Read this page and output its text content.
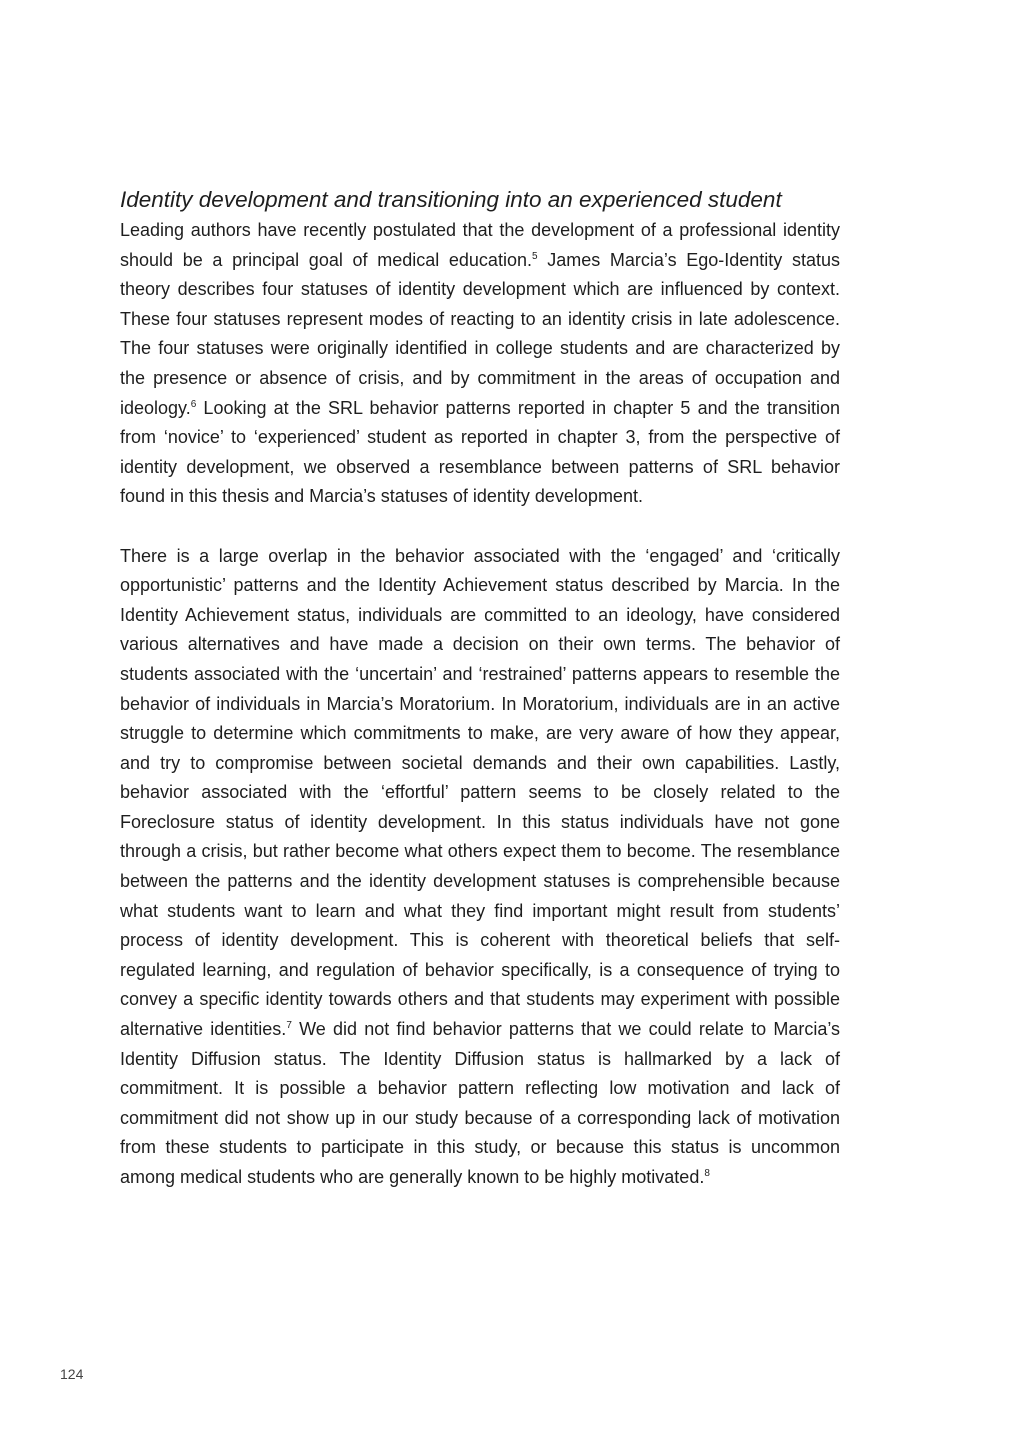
Identity development and transitioning into an experienced student

Leading authors have recently postulated that the development of a professional identity should be a principal goal of medical education.$^5$ James Marcia’s Ego-Identity status theory describes four statuses of identity development which are influenced by context. These four statuses represent modes of reacting to an identity crisis in late adolescence. The four statuses were originally identified in college students and are characterized by the presence or absence of crisis, and by commitment in the areas of occupation and ideology.$^6$ Looking at the SRL behavior patterns reported in chapter 5 and the transition from ‘novice’ to ‘experienced’ student as reported in chapter 3, from the perspective of identity development, we observed a resemblance between patterns of SRL behavior found in this thesis and Marcia’s statuses of identity development.

There is a large overlap in the behavior associated with the ‘engaged’ and ‘critically opportunistic’ patterns and the Identity Achievement status described by Marcia. In the Identity Achievement status, individuals are committed to an ideology, have considered various alternatives and have made a decision on their own terms. The behavior of students associated with the ‘uncertain’ and ‘restrained’ patterns appears to resemble the behavior of individuals in Marcia’s Moratorium. In Moratorium, individuals are in an active struggle to determine which commitments to make, are very aware of how they appear, and try to compromise between societal demands and their own capabilities. Lastly, behavior associated with the ‘effortful’ pattern seems to be closely related to the Foreclosure status of identity development. In this status individuals have not gone through a crisis, but rather become what others expect them to become. The resemblance between the patterns and the identity development statuses is comprehensible because what students want to learn and what they find important might result from students’ process of identity development. This is coherent with theoretical beliefs that self-regulated learning, and regulation of behavior specifically, is a consequence of trying to convey a specific identity towards others and that students may experiment with possible alternative identities.$^7$ We did not find behavior patterns that we could relate to Marcia’s Identity Diffusion status. The Identity Diffusion status is hallmarked by a lack of commitment. It is possible a behavior pattern reflecting low motivation and lack of commitment did not show up in our study because of a corresponding lack of motivation from these students to participate in this study, or because this status is uncommon among medical students who are generally known to be highly motivated.$^8$

124
